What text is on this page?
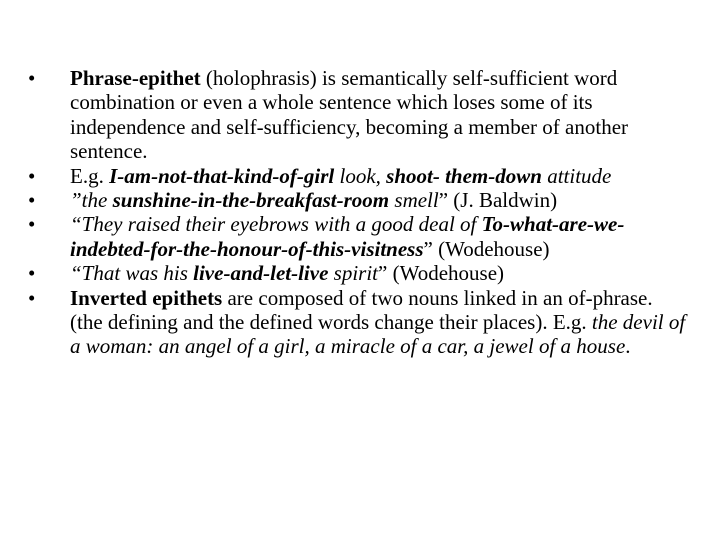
•	Phrase-epithet (holophrasis) is semantically self-sufficient word combination or even a whole sentence which loses some of its independence and self-sufficiency, becoming a member of another sentence.
•	E.g. I-am-not-that-kind-of-girl look, shoot- them-down attitude
•	”the sunshine-in-the-breakfast-room smell” (J. Baldwin)
•	“They raised their eyebrows with a good deal of To-what-are-we-indebted-for-the-honour-of-this-visitness” (Wodehouse)
•	“That was his live-and-let-live spirit” (Wodehouse)
•	Inverted epithets are composed of two nouns linked in an of-phrase. (the defining and the defined words change their places). E.g. the devil of a woman: an angel of a girl, a miracle of a car, a jewel of a house.
